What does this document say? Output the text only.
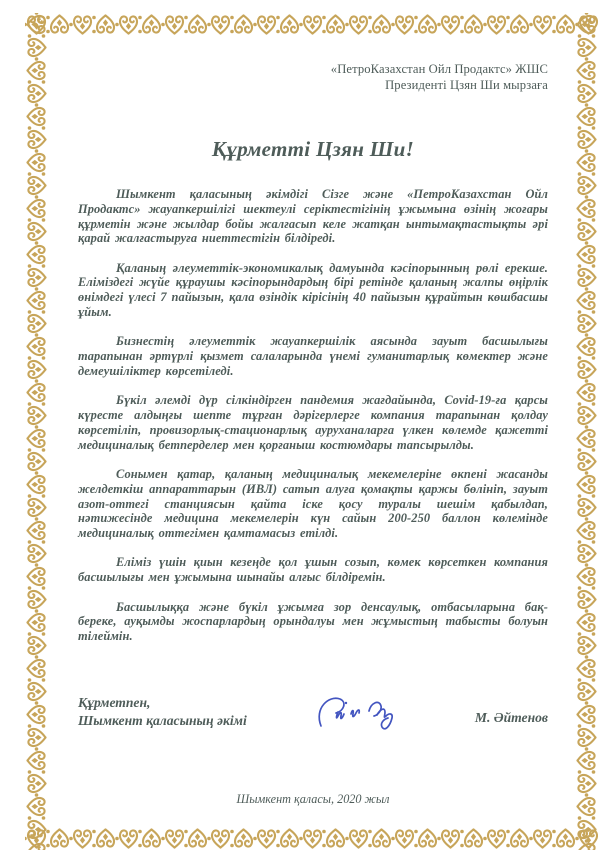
«ПетроКазахстан Ойл Продактс» ЖШС
Президенті Цзян Ши мырзаға
Құрметті Цзян Ши!

Шымкент қаласының әкімдігі Сізге және «ПетроКазахстан Ойл Продактс» жауапкершілігі шектеулі серіктестігінің ұжымына өзінің жоғары құрметін және жылдар бойы жалғасып келе жатқан ынтымақтастықты әрі қарай жалғастыруға ниеттестігін білдіреді.

Қаланың әлеуметтік-экономикалық дамуында кәсіпорынның рөлі ерекше. Еліміздегі жүйе құраушы кәсіпорындардың бірі ретінде қаланың жалпы өңірлік өнімдегі үлесі 7 пайызын, қала өзіндік кірісінің 40 пайызын құрайтын көшбасшы ұйым.

Бизнестің әлеуметтік жауапкершілік аясында зауыт басшылығы тарапынан әртүрлі қызмет салаларында үнемі гуманитарлық көмектер және демеушіліктер көрсетіледі.

Бүкіл әлемді дүр сілкіндірген пандемия жағдайында, Covid-19-ға қарсы күресте алдыңғы шепте тұрған дәрігерлерге компания тарапынан қолдау көрсетіліп, провизорлық-стационарлық ауруханаларға үлкен көлемде қажетті медициналық бетперделер мен қорғаныш костюмдары тапсырылды.

Сонымен қатар, қаланың медициналық мекемелеріне өкпені жасанды желдеткіш аппараттарын (ИВЛ) сатып алуға қомақты қаржы бөлініп, зауыт азот-оттегі станциясын қайта іске қосу туралы шешім қабылдап, нәтижесінде медицина мекемелерін күн сайын 200-250 баллон көлемінде медициналық оттегімен қамтамасыз етілді.

Еліміз үшін қиын кезеңде қол ұшын созып, көмек көрсеткен компания басшылығы мен ұжымына шынайы алғыс білдіремін.

Басшылыққа және бүкіл ұжымға зор денсаулық, отбасыларына бақ-береке, ауқымды жоспарлардың орындалуы мен жұмыстың табысты болуын тілеймін.

Құрметпен,
Шымкент қаласының әкімі	М. Әйтенов
Шымкент қаласы, 2020 жыл
